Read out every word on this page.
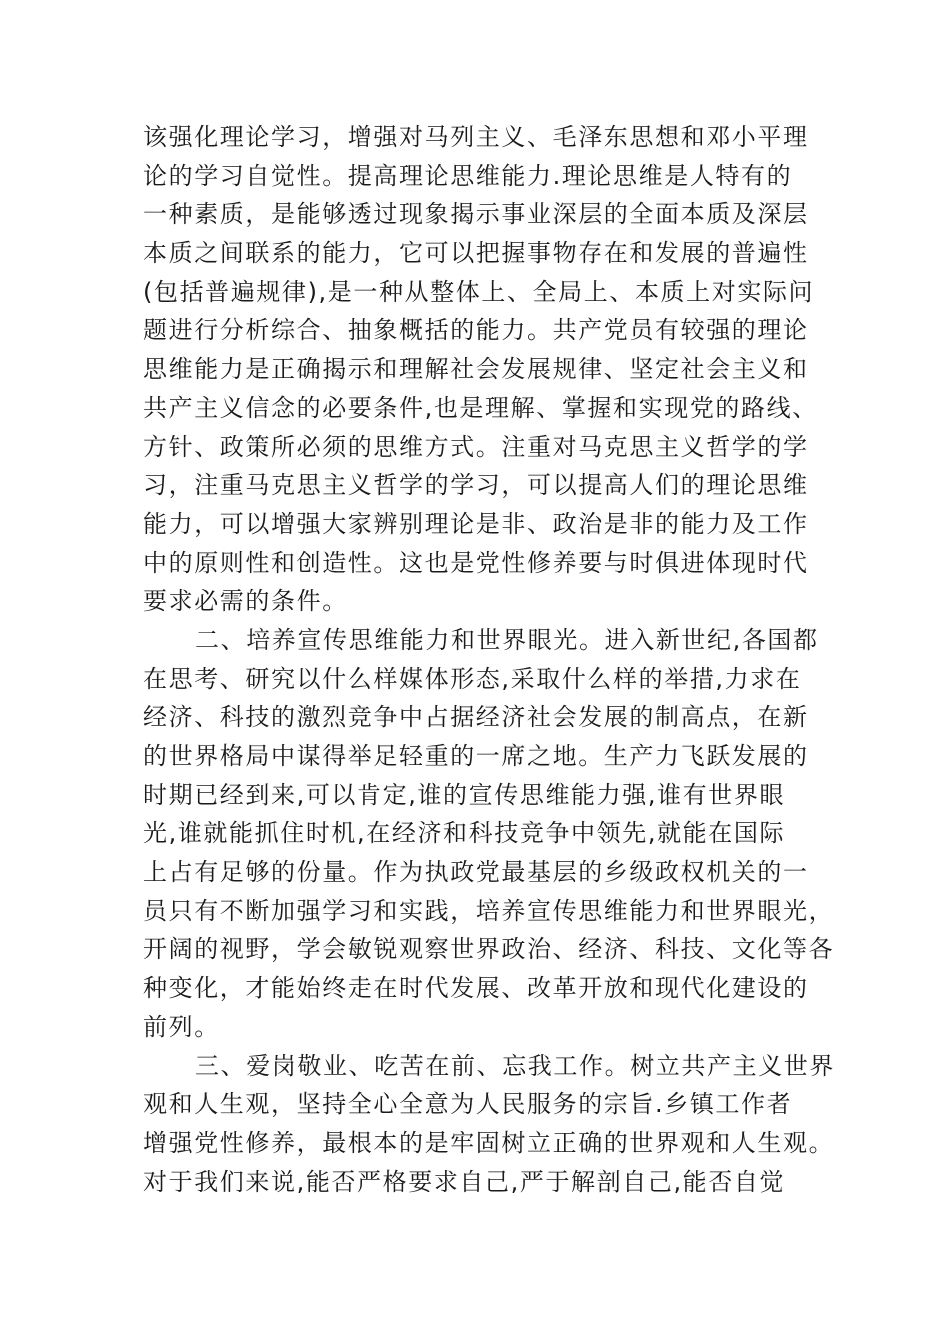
该强化理论学习，增强对马列主义、毛泽东思想和邓小平理
论的学习自觉性。提高理论思维能力.理论思维是人特有的
一种素质，是能够透过现象揭示事业深层的全面本质及深层
本质之间联系的能力，它可以把握事物存在和发展的普遍性
(包括普遍规律),是一种从整体上、全局上、本质上对实际问
题进行分析综合、抽象概括的能力。共产党员有较强的理论
思维能力是正确揭示和理解社会发展规律、坚定社会主义和
共产主义信念的必要条件,也是理解、掌握和实现党的路线、
方针、政策所必须的思维方式。注重对马克思主义哲学的学
习，注重马克思主义哲学的学习，可以提高人们的理论思维
能力，可以增强大家辨别理论是非、政治是非的能力及工作
中的原则性和创造性。这也是党性修养要与时俱进体现时代
要求必需的条件。
二、培养宣传思维能力和世界眼光。进入新世纪,各国都
在思考、研究以什么样媒体形态,采取什么样的举措,力求在
经济、科技的激烈竞争中占据经济社会发展的制高点，在新
的世界格局中谋得举足轻重的一席之地。生产力飞跃发展的
时期已经到来,可以肯定,谁的宣传思维能力强,谁有世界眼
光,谁就能抓住时机,在经济和科技竞争中领先,就能在国际
上占有足够的份量。作为执政党最基层的乡级政权机关的一
员只有不断加强学习和实践，培养宣传思维能力和世界眼光，
开阔的视野，学会敏锐观察世界政治、经济、科技、文化等各
种变化，才能始终走在时代发展、改革开放和现代化建设的
前列。
三、爱岗敬业、吃苦在前、忘我工作。树立共产主义世界
观和人生观，坚持全心全意为人民服务的宗旨.乡镇工作者
增强党性修养，最根本的是牢固树立正确的世界观和人生观。
对于我们来说,能否严格要求自己,严于解剖自己,能否自觉
